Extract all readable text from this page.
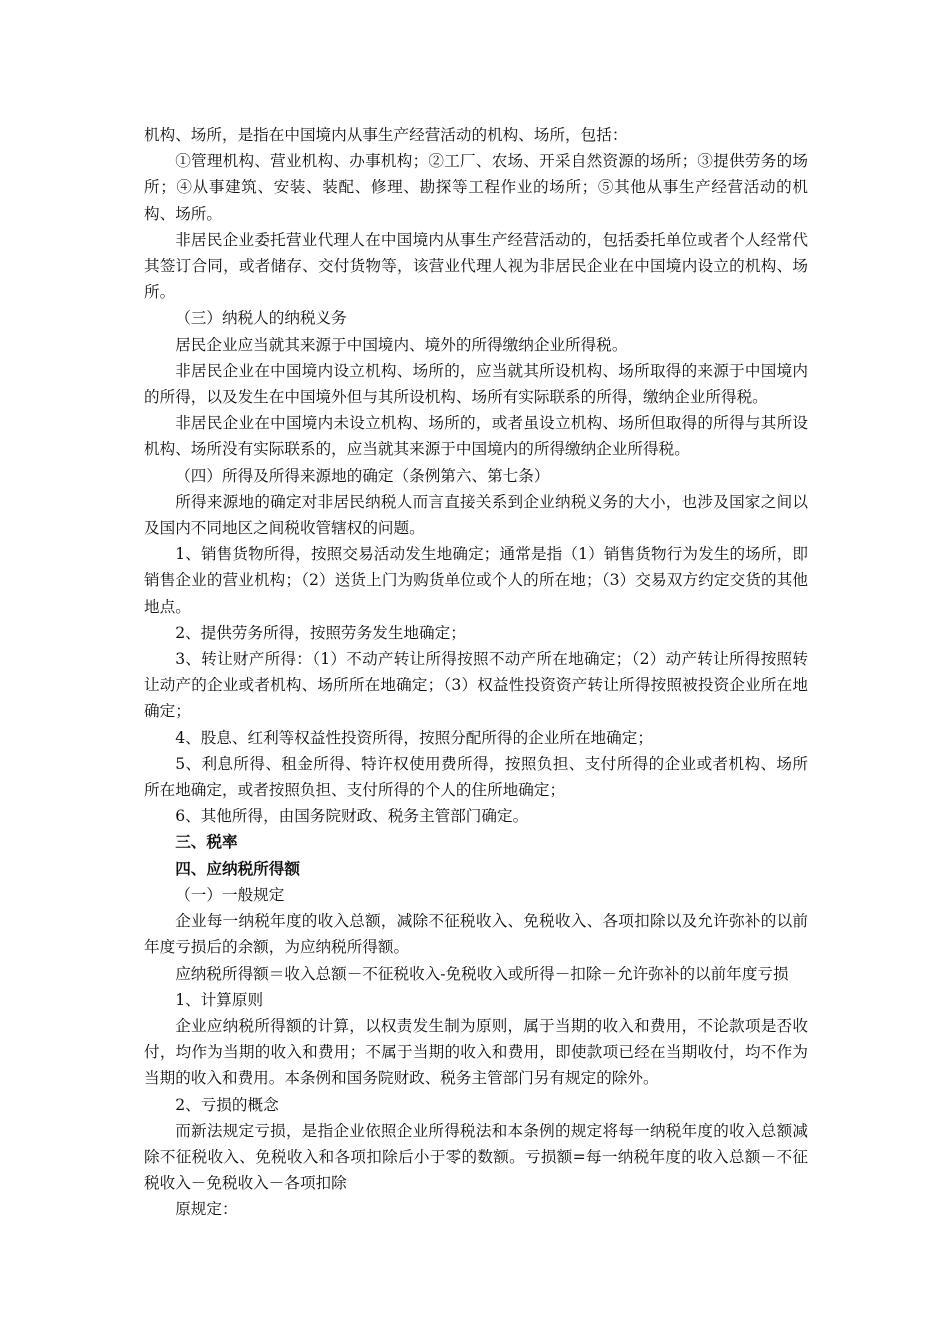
机构、场所，是指在中国境内从事生产经营活动的机构、场所，包括：

①管理机构、营业机构、办事机构；②工厂、农场、开采自然资源的场所；③提供劳务的场所；④从事建筑、安装、装配、修理、勘探等工程作业的场所；⑤其他从事生产经营活动的机构、场所。

非居民企业委托营业代理人在中国境内从事生产经营活动的，包括委托单位或者个人经常代其签订合同，或者储存、交付货物等，该营业代理人视为非居民企业在中国境内设立的机构、场所。

（三）纳税人的纳税义务

居民企业应当就其来源于中国境内、境外的所得缴纳企业所得税。

非居民企业在中国境内设立机构、场所的，应当就其所设机构、场所取得的来源于中国境内的所得，以及发生在中国境外但与其所设机构、场所有实际联系的所得，缴纳企业所得税。

非居民企业在中国境内未设立机构、场所的，或者虽设立机构、场所但取得的所得与其所设机构、场所没有实际联系的，应当就其来源于中国境内的所得缴纳企业所得税。

（四）所得及所得来源地的确定（条例第六、第七条）

所得来源地的确定对非居民纳税人而言直接关系到企业纳税义务的大小，也涉及国家之间以及国内不同地区之间税收管辖权的问题。

1、销售货物所得，按照交易活动发生地确定；通常是指（1）销售货物行为发生的场所，即销售企业的营业机构；（2）送货上门为购货单位或个人的所在地；（3）交易双方约定交货的其他地点。

2、提供劳务所得，按照劳务发生地确定；

3、转让财产所得：（1）不动产转让所得按照不动产所在地确定；（2）动产转让所得按照转让动产的企业或者机构、场所所在地确定；（3）权益性投资资产转让所得按照被投资企业所在地确定；

4、股息、红利等权益性投资所得，按照分配所得的企业所在地确定；

5、利息所得、租金所得、特许权使用费所得，按照负担、支付所得的企业或者机构、场所所在地确定，或者按照负担、支付所得的个人的住所地确定；

6、其他所得，由国务院财政、税务主管部门确定。

三、税率

四、应纳税所得额

（一）一般规定

企业每一纳税年度的收入总额，减除不征税收入、免税收入、各项扣除以及允许弥补的以前年度亏损后的余额，为应纳税所得额。

应纳税所得额＝收入总额－不征税收入-免税收入或所得－扣除－允许弥补的以前年度亏损

1、计算原则

企业应纳税所得额的计算，以权责发生制为原则，属于当期的收入和费用，不论款项是否收付，均作为当期的收入和费用；不属于当期的收入和费用，即使款项已经在当期收付，均不作为当期的收入和费用。本条例和国务院财政、税务主管部门另有规定的除外。

2、亏损的概念

而新法规定亏损，是指企业依照企业所得税法和本条例的规定将每一纳税年度的收入总额减除不征税收入、免税收入和各项扣除后小于零的数额。亏损额=每一纳税年度的收入总额－不征税收入－免税收入－各项扣除

原规定：
